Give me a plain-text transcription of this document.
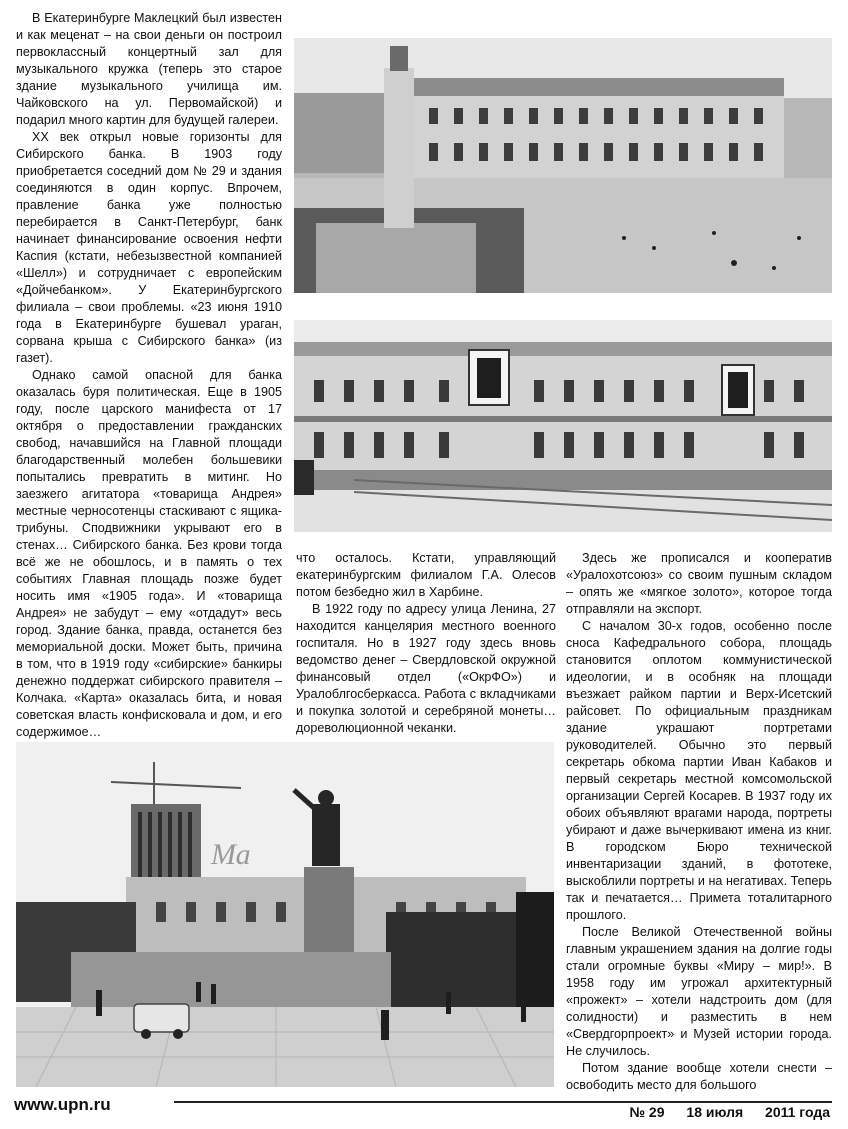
В Екатеринбурге Маклецкий был известен и как меценат – на свои деньги он построил первоклассный концертный зал для музыкального кружка (теперь это старое здание музыкального училища им. Чайковского на ул. Первомайской) и подарил много картин для будущей галереи.

XX век открыл новые горизонты для Сибирского банка. В 1903 году приобретается соседний дом № 29 и здания соединяются в один корпус. Впрочем, правление банка уже полностью перебирается в Санкт-Петербург, банк начинает финансирование освоения нефти Каспия (кстати, небезызвестной компанией «Шелл») и сотрудничает с европейским «Дойчебанком». У Екатеринбургского филиала – свои проблемы. «23 июня 1910 года в Екатеринбурге бушевал ураган, сорвана крыша с Сибирского банка» (из газет).

Однако самой опасной для банка оказалась буря политическая. Еще в 1905 году, после царского манифеста от 17 октября о предоставлении гражданских свобод, начавшийся на Главной площади благодарственный молебен большевики попытались превратить в митинг. Но заезжего агитатора «товарища Андрея» местные черносотенцы стаскивают с ящика-трибуны. Сподвижники укрывают его в стенах… Сибирского банка. Без крови тогда всё же не обошлось, и в память о тех событиях Главная площадь позже будет носить имя «1905 года». И «товарища Андрея» не забудут – ему «отдадут» весь город. Здание банка, правда, останется без мемориальной доски. Может быть, причина в том, что в 1919 году «сибирские» банкиры денежно поддержат сибирского правителя – Колчака. «Карта» оказалась бита, и новая советская власть конфисковала и дом, и его содержимое…

что осталось. Кстати, управляющий екатеринбургским филиалом Г.А. Олесов потом безбедно жил в Харбине.

В 1922 году по адресу улица Ленина, 27 находится канцелярия местного военного госпиталя. Но в 1927 году здесь вновь ведомство денег – Свердловской окружной финансовый отдел («ОкрФО») и Уралоблгосберкасса. Работа с вкладчиками и покупка золотой и серебряной монеты… дореволюционной чеканки.

Здесь же прописался и кооператив «Уралохотсоюз» со своим пушным складом – опять же «мягкое золото», которое тогда отправляли на экспорт.

С началом 30-х годов, особенно после сноса Кафедрального собора, площадь становится оплотом коммунистической идеологии, и в особняк на площади въезжает райком партии и Верх-Исетский райсовет. По официальным праздникам здание украшают портретами руководителей. Обычно это первый секретарь обкома партии Иван Кабаков и первый секретарь местной комсомольской организации Сергей Косарев. В 1937 году их обоих объявляют врагами народа, портреты убирают и даже вычеркивают имена из книг. В городском Бюро технической инвентаризации зданий, в фототеке, выскоблили портреты и на негативах. Теперь так и печатается… Примета тоталитарного прошлого.

После Великой Отечественной войны главным украшением здания на долгие годы стали огромные буквы «Миру – мир!». В 1958 году им угрожал архитектурный «прожект» – хотели надстроить дом (для солидности) и разместить в нем «Свердгорпроект» и Музей истории города. Не случилось.

Потом здание вообще хотели снести – освободить место для большого

Ма
www.upn.ru	№ 29 18 июля 2011 года
